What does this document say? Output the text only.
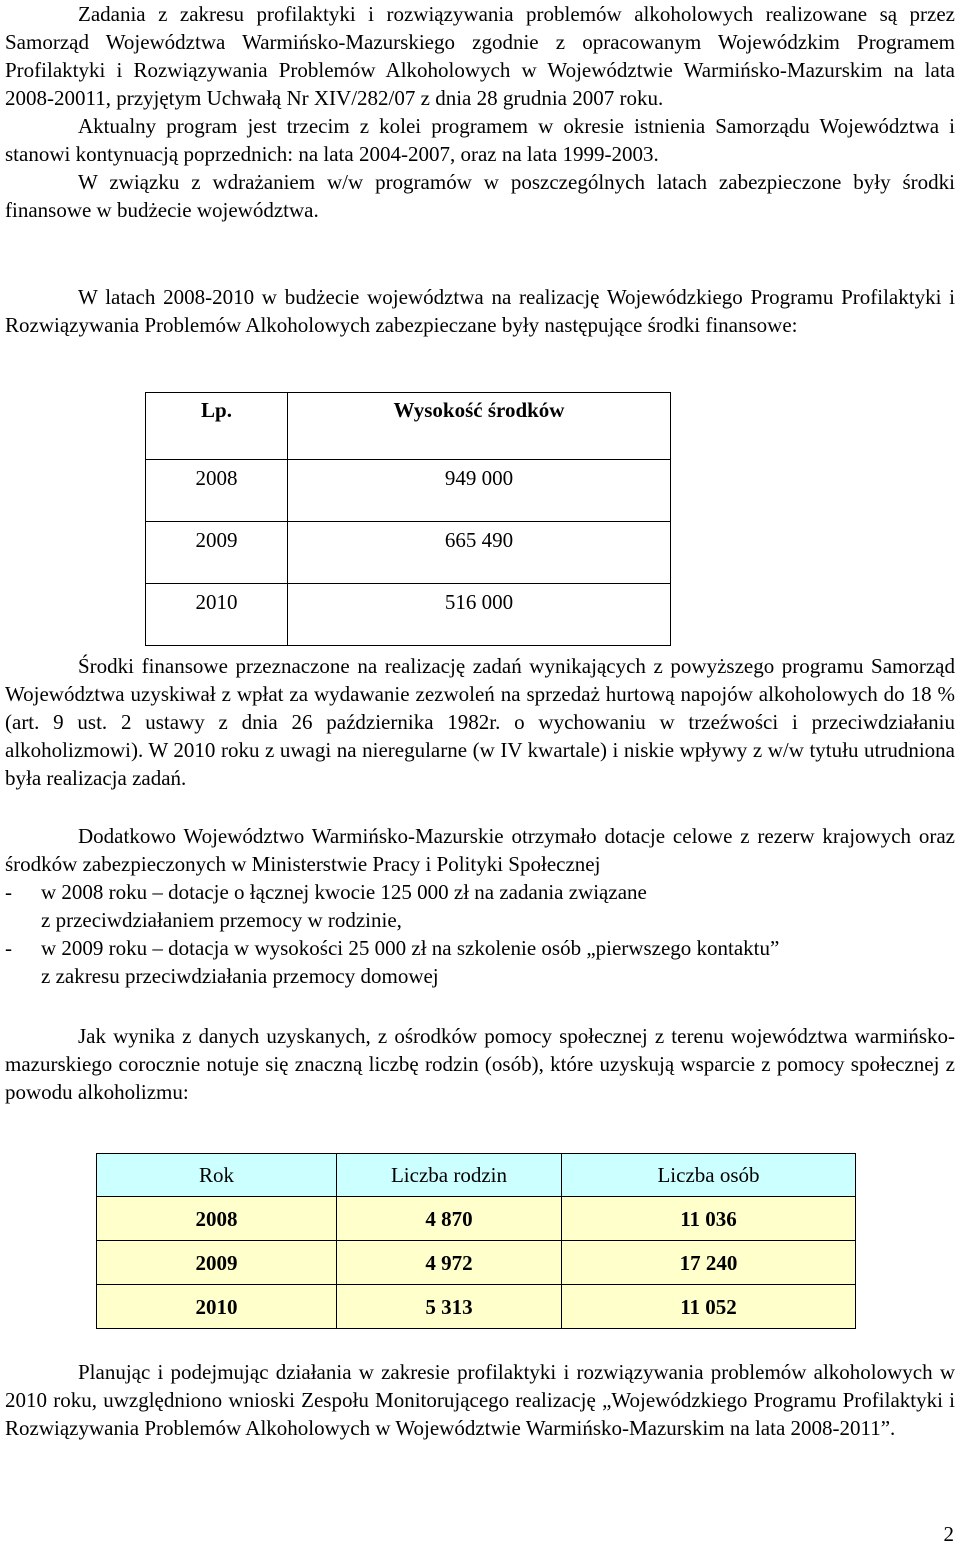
Zadania z zakresu profilaktyki i rozwiązywania problemów alkoholowych realizowane są przez Samorząd Województwa Warmińsko-Mazurskiego zgodnie z opracowanym Wojewódzkim Programem Profilaktyki i Rozwiązywania Problemów Alkoholowych w Województwie Warmińsko-Mazurskim na lata 2008-20011, przyjętym Uchwałą Nr XIV/282/07 z dnia 28 grudnia 2007 roku.

Aktualny program jest trzecim z kolei programem w okresie istnienia Samorządu Województwa i stanowi kontynuacją poprzednich: na lata 2004-2007, oraz na lata 1999-2003.

W związku z wdrażaniem w/w programów w poszczególnych latach zabezpieczone były środki finansowe w budżecie województwa.

W latach 2008-2010 w budżecie województwa na realizację Wojewódzkiego Programu Profilaktyki i Rozwiązywania Problemów Alkoholowych zabezpieczane były następujące środki finansowe:

Środki finansowe przeznaczone na realizację zadań wynikających z powyższego programu Samorząd Województwa uzyskiwał z wpłat za wydawanie zezwoleń na sprzedaż hurtową napojów alkoholowych do 18 % (art. 9 ust. 2 ustawy z dnia 26 października 1982r. o wychowaniu w trzeźwości i przeciwdziałaniu alkoholizmowi). W 2010 roku z uwagi na nieregularne (w IV kwartale) i niskie wpływy z w/w tytułu utrudniona była realizacja zadań.

Dodatkowo Województwo Warmińsko-Mazurskie otrzymało dotacje celowe z rezerw krajowych oraz środków zabezpieczonych w Ministerstwie Pracy i Polityki Społecznej

-	w 2008 roku – dotacje o łącznej kwocie 125 000 zł na zadania związane

z przeciwdziałaniem przemocy w rodzinie,

-	w 2009 roku – dotacja w wysokości 25 000 zł na szkolenie osób „pierwszego kontaktu”

z zakresu przeciwdziałania przemocy domowej

Jak wynika z danych uzyskanych, z ośrodków pomocy społecznej z terenu województwa warmińsko-mazurskiego corocznie notuje się znaczną liczbę rodzin (osób), które uzyskują wsparcie z pomocy społecznej z powodu alkoholizmu:

Planując i podejmując działania w zakresie profilaktyki i rozwiązywania problemów alkoholowych w 2010 roku, uwzględniono wnioski Zespołu Monitorującego realizację „Wojewódzkiego Programu Profilaktyki i Rozwiązywania Problemów Alkoholowych w Województwie Warmińsko-Mazurskim na lata 2008-2011”.

Lp.	Wysokość środków
2008	949 000
2009	665 490
2010	516 000
Rok	Liczba rodzin	Liczba osób
2008	4 870	11 036
2009	4 972	17 240
2010	5 313	11 052
2
